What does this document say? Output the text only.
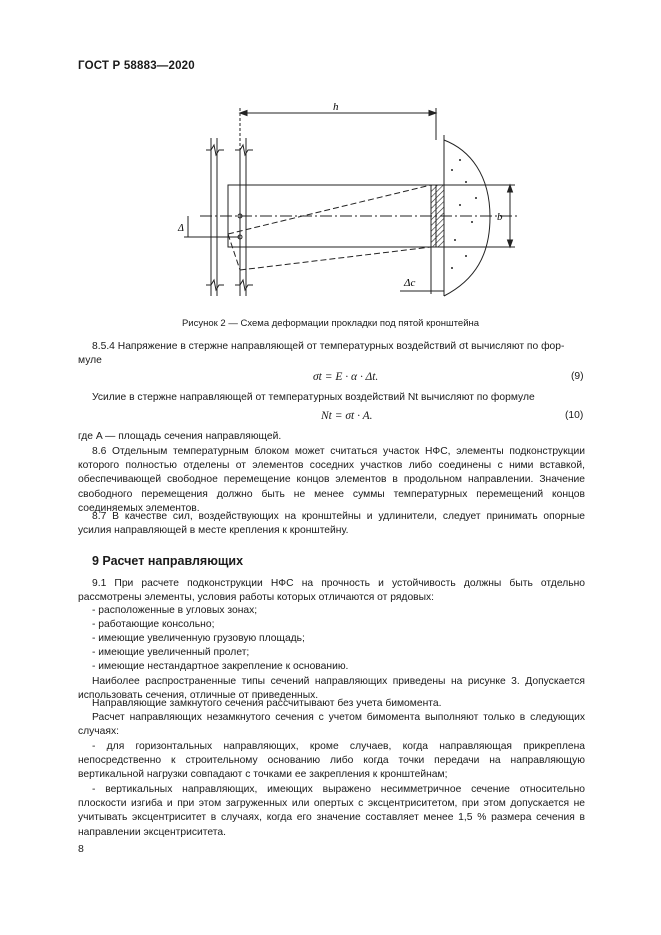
ГОСТ Р 58883—2020
h
b
Δc
Δ
Рисунок 2 — Схема деформации прокладки под пятой кронштейна
8.5.4 Напряжение в стержне направляющей от температурных воздействий σt вычисляют по фор-
муле
σt = E · α · Δt.	(9)
Усилие в стержне направляющей от температурных воздействий Nt вычисляют по формуле
Nt = σt · A.	(10)
где A — площадь сечения направляющей.
8.6 Отдельным температурным блоком может считаться участок НФС, элементы подконструкции которого полностью отделены от элементов соседних участков либо соединены с ними вставкой, обеспечивающей свободное перемещение концов элементов в продольном направлении. Значение свободного перемещения должно быть не менее суммы температурных перемещений концов соединяемых элементов.
8.7 В качестве сил, воздействующих на кронштейны и удлинители, следует принимать опорные усилия направляющей в месте крепления к кронштейну.
9 Расчет направляющих
9.1 При расчете подконструкции НФС на прочность и устойчивость должны быть отдельно рассмотрены элементы, условия работы которых отличаются от рядовых:
- расположенные в угловых зонах;
- работающие консольно;
- имеющие увеличенную грузовую площадь;
- имеющие увеличенный пролет;
- имеющие нестандартное закрепление к основанию.
Наиболее распространенные типы сечений направляющих приведены на рисунке 3. Допускается использовать сечения, отличные от приведенных.
Направляющие замкнутого сечения рассчитывают без учета бимомента.
Расчет направляющих незамкнутого сечения с учетом бимомента выполняют только в следующих случаях:
- для горизонтальных направляющих, кроме случаев, когда направляющая прикреплена непосредственно к строительному основанию либо когда точки передачи на направляющую вертикальной нагрузки совпадают с точками ее закрепления к кронштейнам;
- вертикальных направляющих, имеющих выражено несимметричное сечение относительно плоскости изгиба и при этом загруженных или опертых с эксцентриситетом, при этом допускается не учитывать эксцентриситет в случаях, когда его значение составляет менее 1,5 % размера сечения в направлении эксцентриситета.
8
